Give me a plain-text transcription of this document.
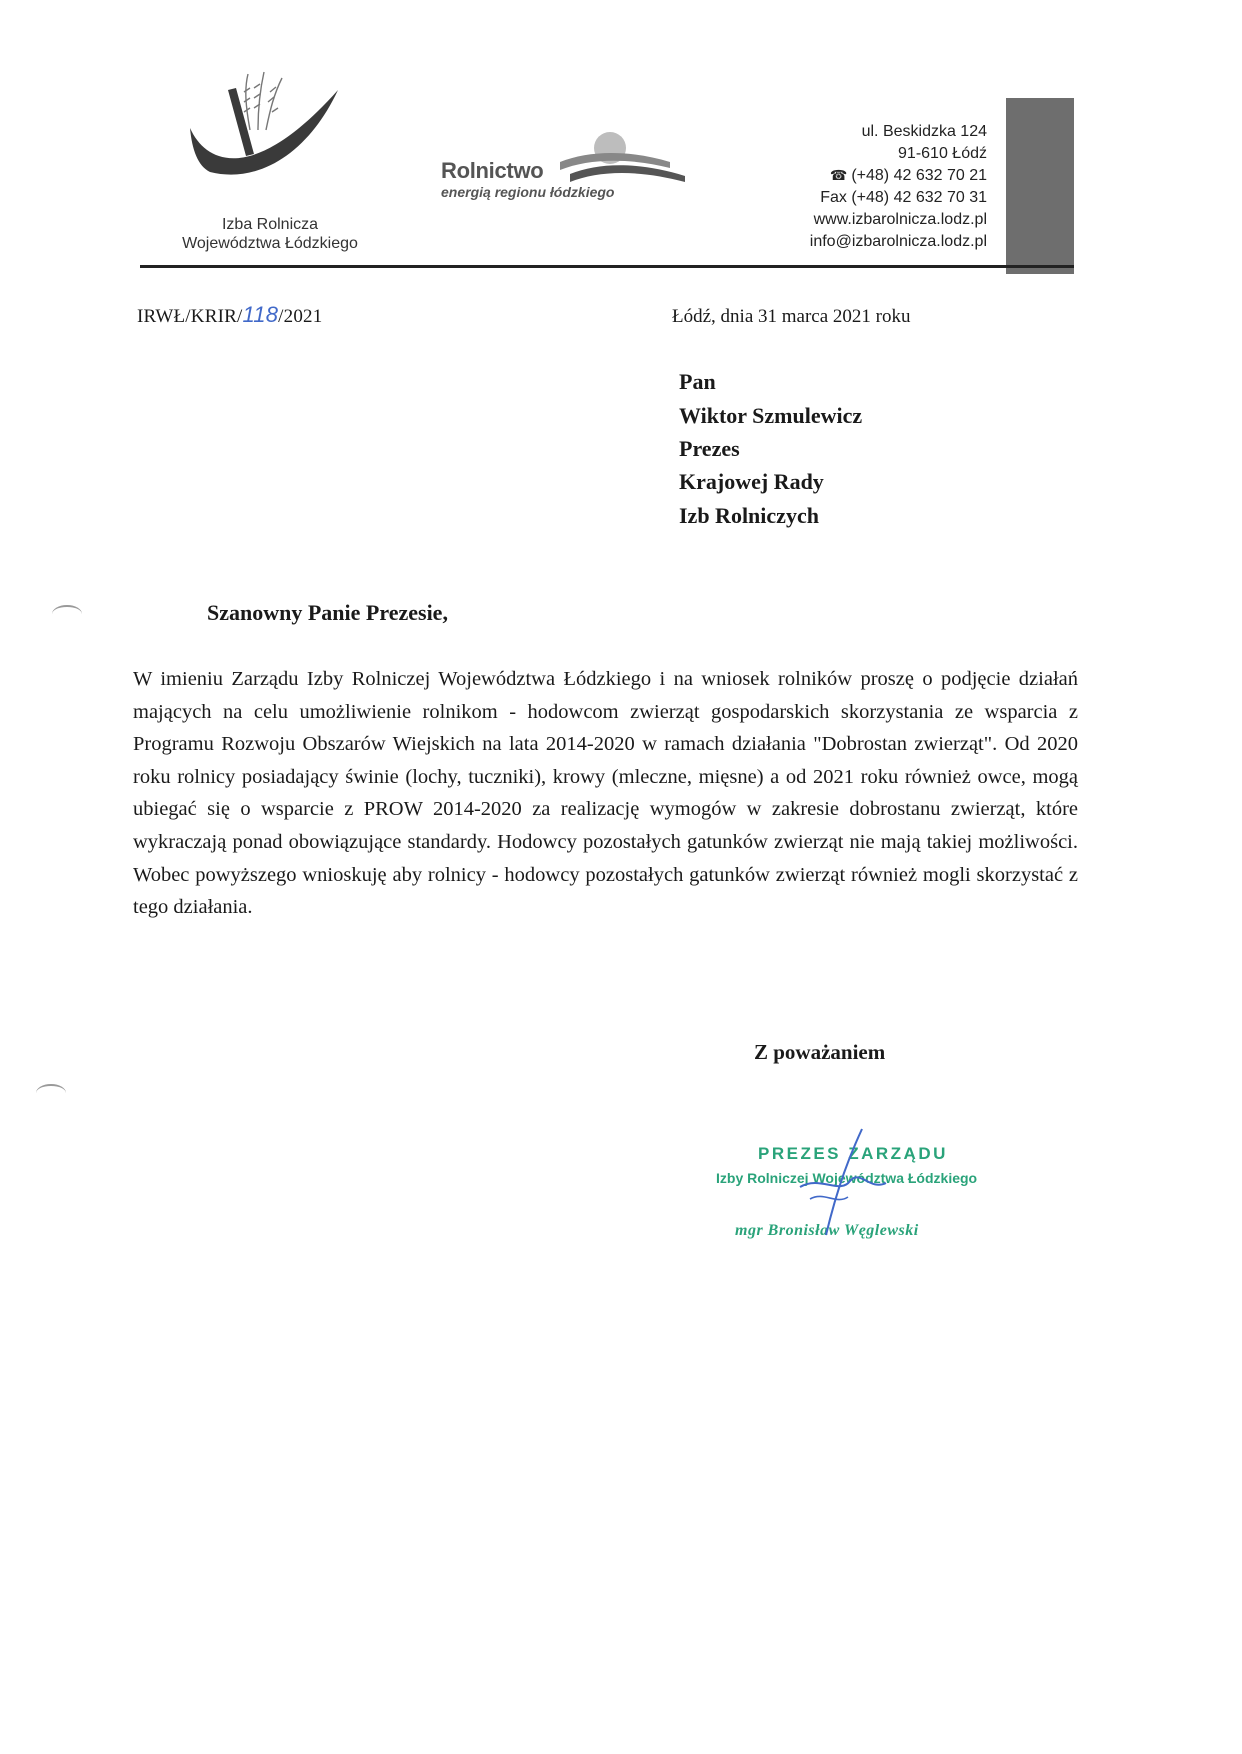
Izba Rolnicza
Województwa Łódzkiego
Rolnictwo
energią regionu łódzkiego
ul. Beskidzka 124
91-610 Łódź
☎ (+48) 42 632 70 21
Fax (+48) 42 632 70 31
www.izbarolnicza.lodz.pl
info@izbarolnicza.lodz.pl
IRWŁ/KRIR/118/2021	Łódź, dnia 31 marca 2021 roku
Pan
Wiktor Szmulewicz
Prezes
Krajowej Rady
Izb Rolniczych
Szanowny Panie Prezesie,
W imieniu Zarządu Izby Rolniczej Województwa Łódzkiego i na wniosek rolników proszę o podjęcie działań mających na celu umożliwienie rolnikom - hodowcom zwierząt gospodarskich skorzystania ze wsparcia z Programu Rozwoju Obszarów Wiejskich na lata 2014-2020 w ramach działania "Dobrostan zwierząt". Od 2020 roku rolnicy posiadający świnie (lochy, tuczniki), krowy (mleczne, mięsne) a od 2021 roku również owce, mogą ubiegać się o wsparcie z PROW 2014-2020 za realizację wymogów w zakresie dobrostanu zwierząt, które wykraczają ponad obowiązujące standardy. Hodowcy pozostałych gatunków zwierząt nie mają takiej możliwości. Wobec powyższego wnioskuję aby rolnicy - hodowcy pozostałych gatunków zwierząt również mogli skorzystać z tego działania.
Z poważaniem
PREZES ZARZĄDU
Izby Rolniczej Województwa Łódzkiego
mgr Bronisław Węglewski
